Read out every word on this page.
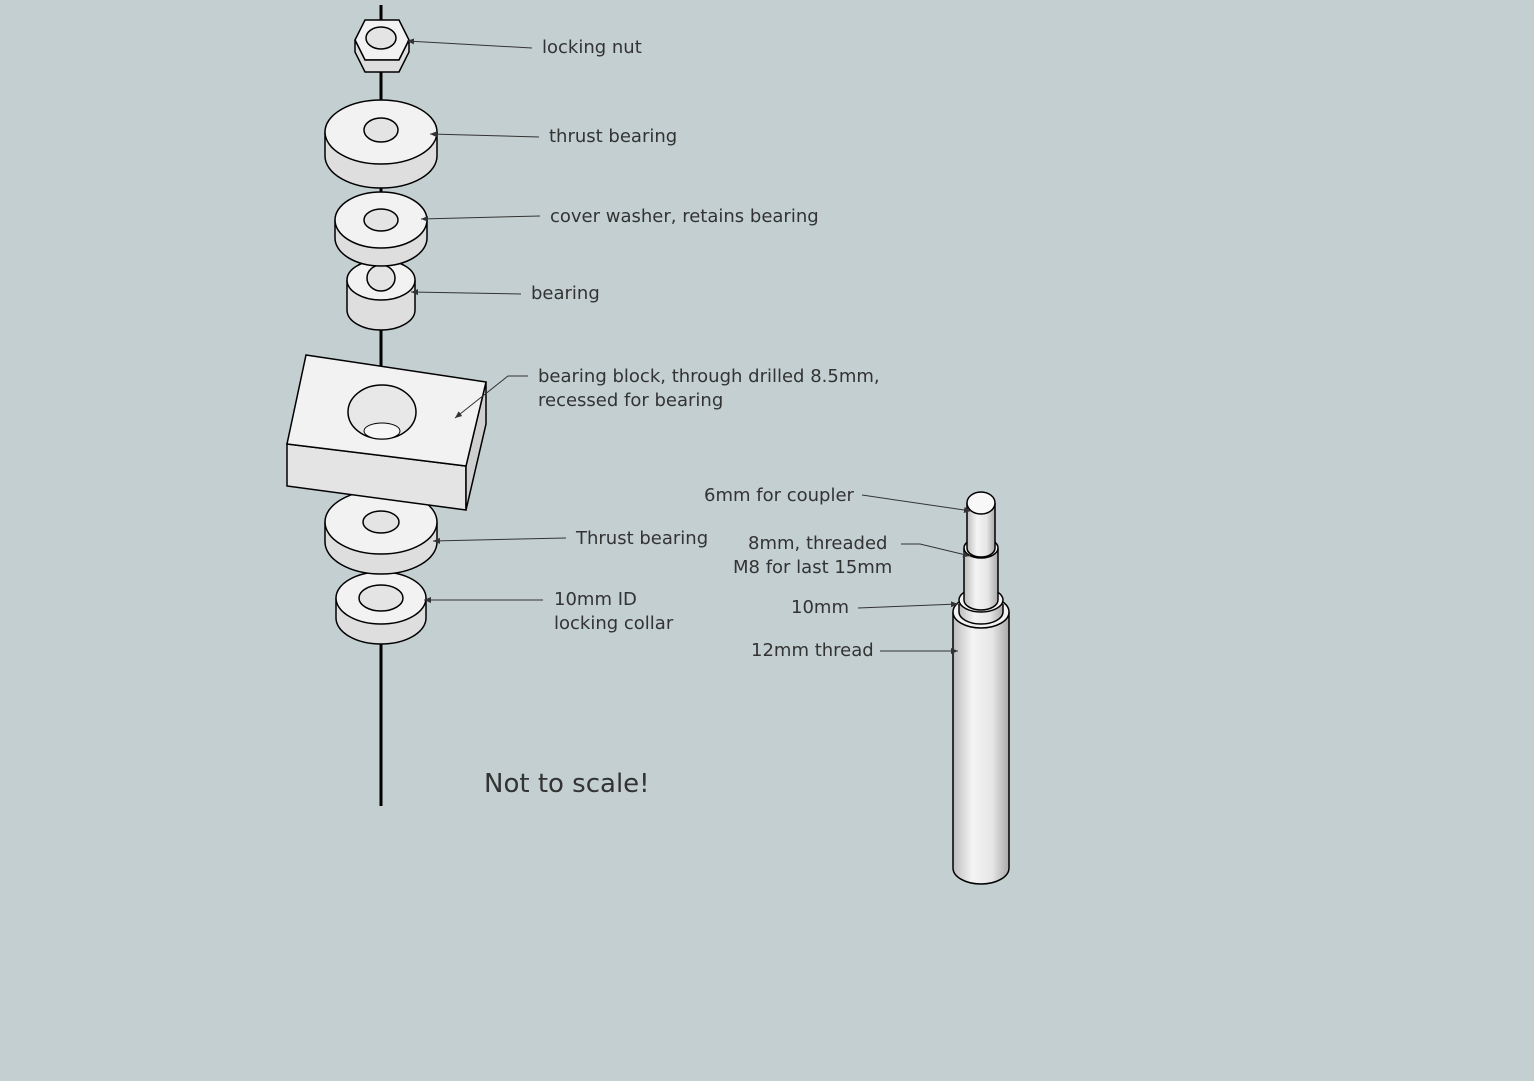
locking nut
thrust bearing
cover washer, retains bearing
bearing
bearing block, through drilled 8.5mm,
recessed for bearing
Thrust bearing
10mm ID
locking collar
6mm for coupler
8mm, threaded
M8 for last 15mm
10mm
12mm thread
Not to scale!
